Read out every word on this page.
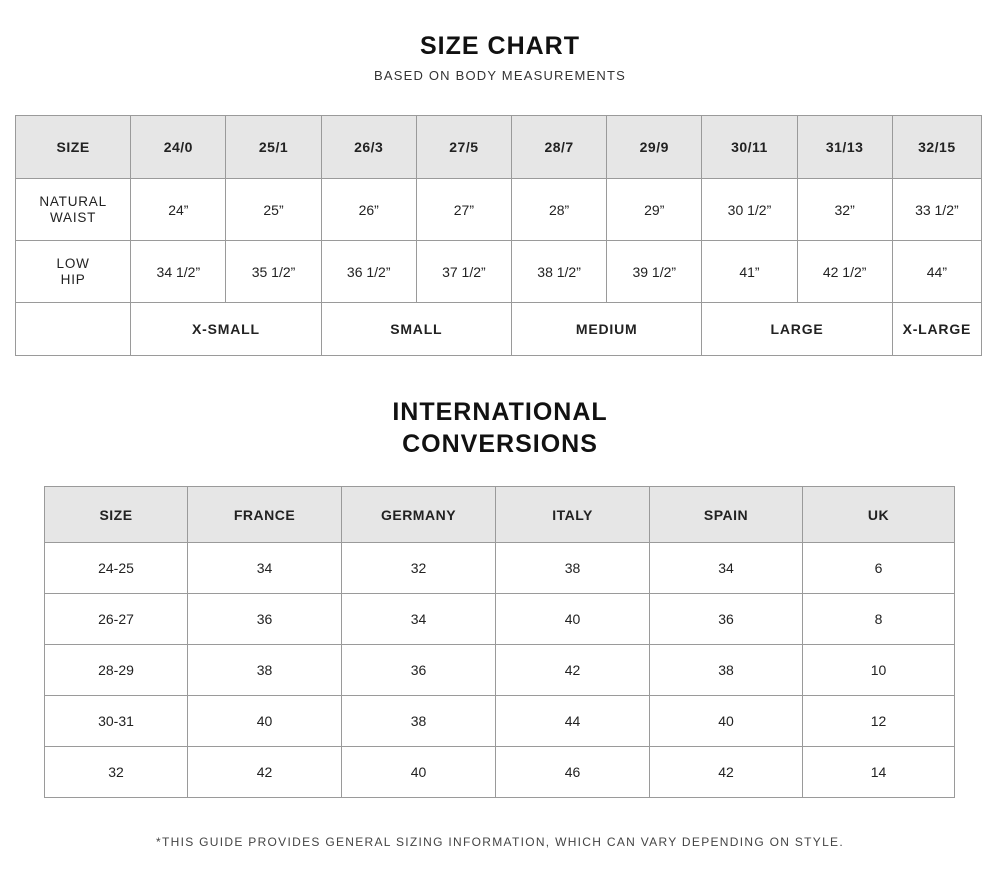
SIZE CHART
BASED ON BODY MEASUREMENTS
SIZE	24/0	25/1	26/3	27/5	28/7	29/9	30/11	31/13	32/15
NATURAL
WAIST	24”	25”	26”	27”	28”	29”	30 1/2”	32”	33 1/2”
LOW
HIP	34 1/2”	35 1/2”	36 1/2”	37 1/2”	38 1/2”	39 1/2”	41”	42 1/2”	44”
	X-SMALL		SMALL		MEDIUM		LARGE		X-LARGE
INTERNATIONAL
CONVERSIONS
SIZE	FRANCE	GERMANY	ITALY	SPAIN	UK
24-25	34	32	38	34	6
26-27	36	34	40	36	8
28-29	38	36	42	38	10
30-31	40	38	44	40	12
32	42	40	46	42	14
*THIS GUIDE PROVIDES GENERAL SIZING INFORMATION, WHICH CAN VARY DEPENDING ON STYLE.
